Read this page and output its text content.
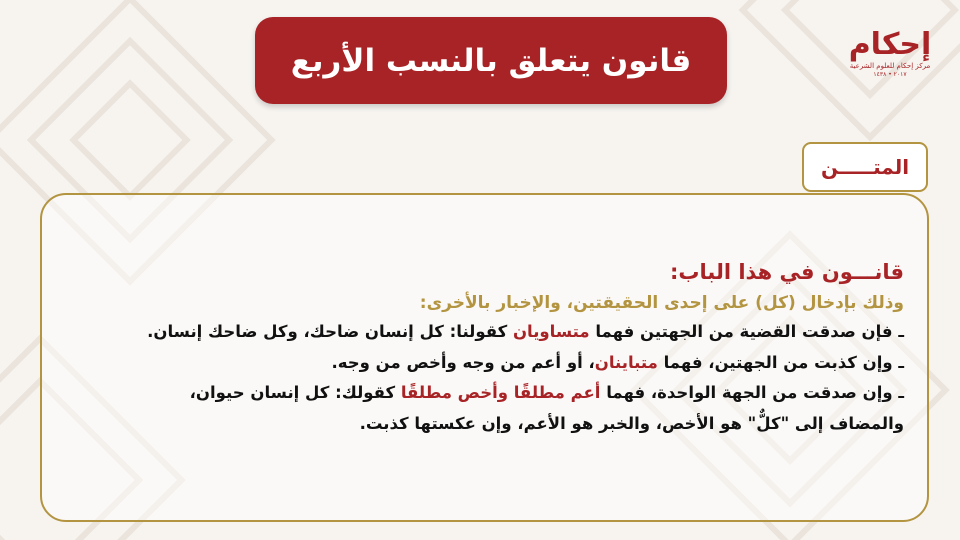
قانون يتعلق بالنسب الأربع	إحكام
مركز إحكام للعلوم الشرعية
٢٠١٧ • ١٤٣٨
المتـــــن
قانـــون في هذا الباب:
وذلك بإدخال (كل) على إحدى الحقيقتين، والإخبار بالأخرى:
ـ فإن صدقت القضية من الجهتين فهما متساويان كقولنا: كل إنسان ضاحك، وكل ضاحك إنسان.
ـ وإن كذبت من الجهتين، فهما متباينان، أو أعم من وجه وأخص من وجه.
ـ وإن صدقت من الجهة الواحدة، فهما أعم مطلقًا وأخص مطلقًا كقولك: كل إنسان حيوان،
والمضاف إلى "كلٌّ" هو الأخص، والخبر هو الأعم، وإن عكستها كذبت.
